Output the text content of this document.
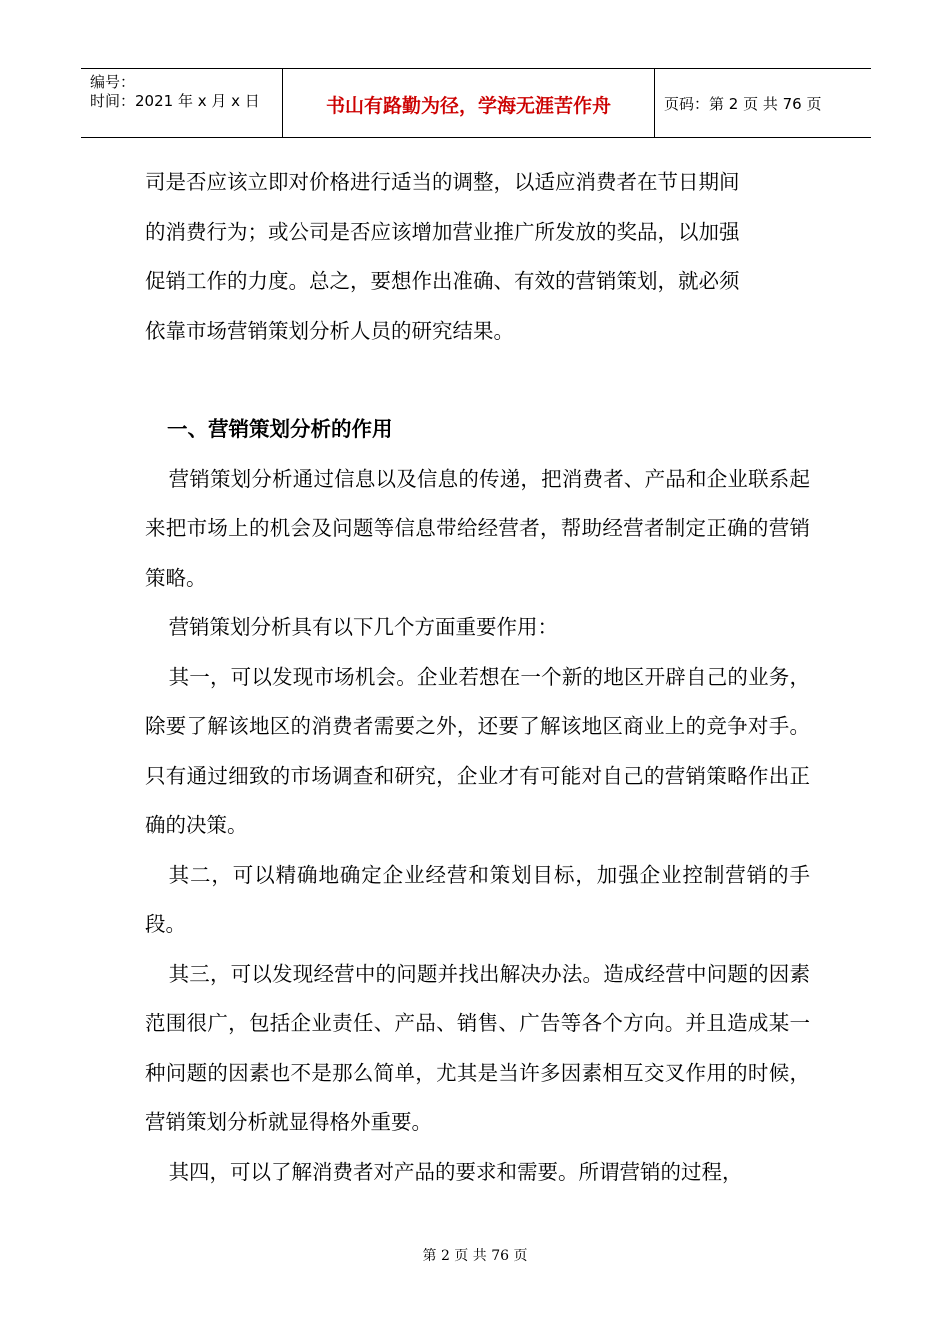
编号：
时间：2021 年 x 月 x 日	书山有路勤为径，学海无涯苦作舟	页码：第 2 页 共 76 页
司是否应该立即对价格进行适当的调整，以适应消费者在节日期间
的消费行为；或公司是否应该增加营业推广所发放的奖品，以加强
促销工作的力度。总之，要想作出准确、有效的营销策划，就必须
依靠市场营销策划分析人员的研究结果。
一、营销策划分析的作用

营销策划分析通过信息以及信息的传递，把消费者、产品和企业联系起来把市场上的机会及问题等信息带给经营者，帮助经营者制定正确的营销策略。

营销策划分析具有以下几个方面重要作用：

其一，可以发现市场机会。企业若想在一个新的地区开辟自己的业务，除要了解该地区的消费者需要之外，还要了解该地区商业上的竞争对手。只有通过细致的市场调查和研究，企业才有可能对自己的营销策略作出正确的决策。

其二，可以精确地确定企业经营和策划目标，加强企业控制营销的手段。

其三，可以发现经营中的问题并找出解决办法。造成经营中问题的因素范围很广，包括企业责任、产品、销售、广告等各个方向。并且造成某一种问题的因素也不是那么简单，尤其是当许多因素相互交叉作用的时候，营销策划分析就显得格外重要。

其四，可以了解消费者对产品的要求和需要。所谓营销的过程，

第 2 页 共 76 页
